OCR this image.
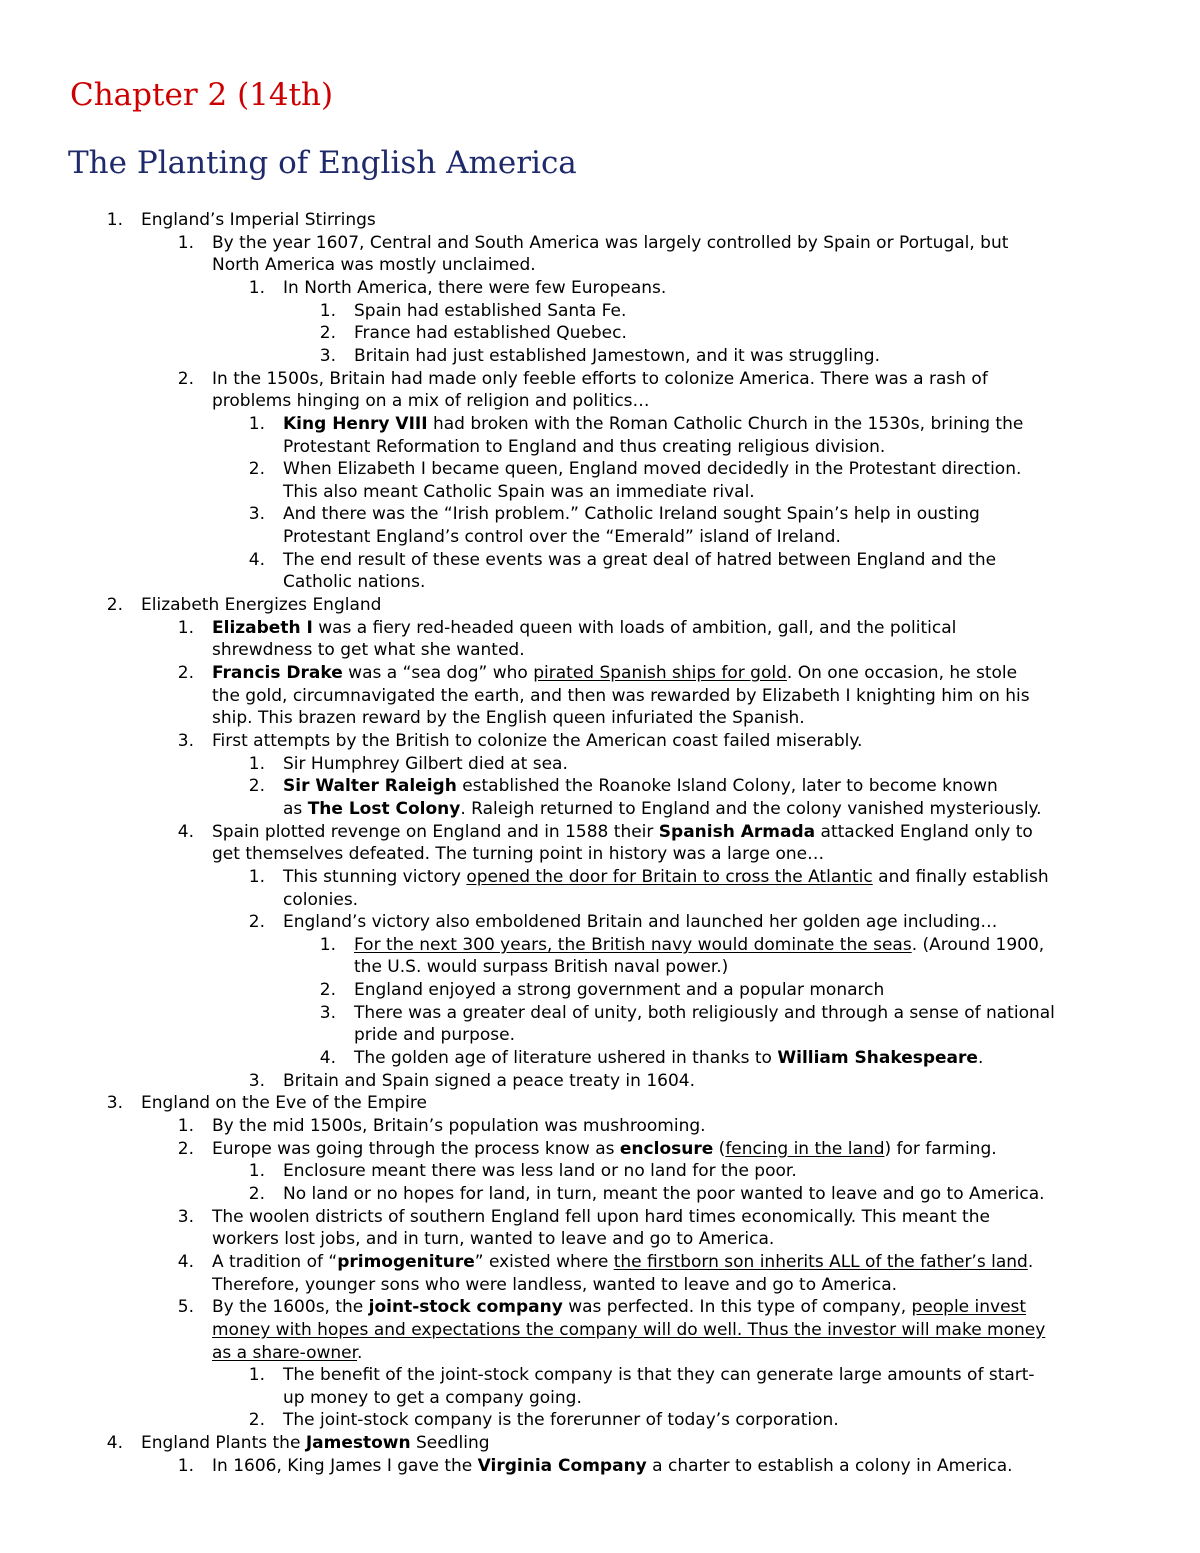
Chapter 2 (14th)
The Planting of English America
1. England’s Imperial Stirrings
1. By the year 1607, Central and South America was largely controlled by Spain or Portugal, but
North America was mostly unclaimed.
1. In North America, there were few Europeans.
1. Spain had established Santa Fe.
2. France had established Quebec.
3. Britain had just established Jamestown, and it was struggling.
2. In the 1500s, Britain had made only feeble efforts to colonize America. There was a rash of
problems hinging on a mix of religion and politics…
1. King Henry VIII had broken with the Roman Catholic Church in the 1530s, brining the
Protestant Reformation to England and thus creating religious division.
2. When Elizabeth I became queen, England moved decidedly in the Protestant direction.
This also meant Catholic Spain was an immediate rival.
3. And there was the “Irish problem.” Catholic Ireland sought Spain’s help in ousting
Protestant England’s control over the “Emerald” island of Ireland.
4. The end result of these events was a great deal of hatred between England and the
Catholic nations.
2. Elizabeth Energizes England
1. Elizabeth I was a fiery red-headed queen with loads of ambition, gall, and the political
shrewdness to get what she wanted.
2. Francis Drake was a “sea dog” who pirated Spanish ships for gold. On one occasion, he stole
the gold, circumnavigated the earth, and then was rewarded by Elizabeth I knighting him on his
ship. This brazen reward by the English queen infuriated the Spanish.
3. First attempts by the British to colonize the American coast failed miserably.
1. Sir Humphrey Gilbert died at sea.
2. Sir Walter Raleigh established the Roanoke Island Colony, later to become known
as The Lost Colony. Raleigh returned to England and the colony vanished mysteriously.
4. Spain plotted revenge on England and in 1588 their Spanish Armada attacked England only to
get themselves defeated. The turning point in history was a large one…
1. This stunning victory opened the door for Britain to cross the Atlantic and finally establish
colonies.
2. England’s victory also emboldened Britain and launched her golden age including…
1. For the next 300 years, the British navy would dominate the seas. (Around 1900,
the U.S. would surpass British naval power.)
2. England enjoyed a strong government and a popular monarch
3. There was a greater deal of unity, both religiously and through a sense of national
pride and purpose.
4. The golden age of literature ushered in thanks to William Shakespeare.
3. Britain and Spain signed a peace treaty in 1604.
3. England on the Eve of the Empire
1. By the mid 1500s, Britain’s population was mushrooming.
2. Europe was going through the process know as enclosure (fencing in the land) for farming.
1. Enclosure meant there was less land or no land for the poor.
2. No land or no hopes for land, in turn, meant the poor wanted to leave and go to America.
3. The woolen districts of southern England fell upon hard times economically. This meant the
workers lost jobs, and in turn, wanted to leave and go to America.
4. A tradition of “primogeniture” existed where the firstborn son inherits ALL of the father’s land.
Therefore, younger sons who were landless, wanted to leave and go to America.
5. By the 1600s, the joint-stock company was perfected. In this type of company, people invest
money with hopes and expectations the company will do well. Thus the investor will make money
as a share-owner.
1. The benefit of the joint-stock company is that they can generate large amounts of start-
up money to get a company going.
2. The joint-stock company is the forerunner of today’s corporation.
4. England Plants the Jamestown Seedling
1. In 1606, King James I gave the Virginia Company a charter to establish a colony in America.
